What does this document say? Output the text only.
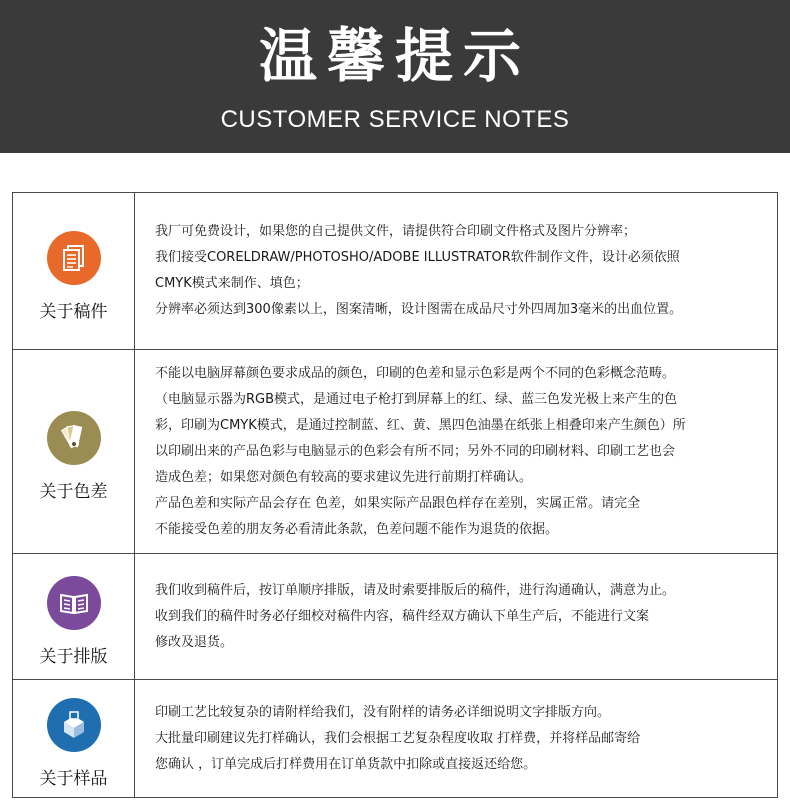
温馨提示
CUSTOMER SERVICE NOTES
关于稿件

我厂可免费设计，如果您的自己提供文件，请提供符合印刷文件格式及图片分辨率；

我们接受CORELDRAW/PHOTOSHO/ADOBE ILLUSTRATOR软件制作文件，设计必须依照

CMYK模式来制作、填色；

分辨率必须达到300像素以上，图案清晰，设计图需在成品尺寸外四周加3毫米的出血位置。

关于色差

不能以电脑屏幕颜色要求成品的颜色，印刷的色差和显示色彩是两个不同的色彩概念范畴。

（电脑显示器为RGB模式，是通过电子枪打到屏幕上的红、绿、蓝三色发光极上来产生的色

彩，印刷为CMYK模式，是通过控制蓝、红、黄、黑四色油墨在纸张上相叠印来产生颜色）所

以印刷出来的产品色彩与电脑显示的色彩会有所不同；另外不同的印刷材料、印刷工艺也会

造成色差；如果您对颜色有较高的要求建议先进行前期打样确认。

产品色差和实际产品会存在 色差，如果实际产品跟色样存在差别，实属正常。请完全

不能接受色差的朋友务必看清此条款，色差问题不能作为退货的依据。

关于排版

我们收到稿件后，按订单顺序排版，请及时索要排版后的稿件，进行沟通确认，满意为止。

收到我们的稿件时务必仔细校对稿件内容，稿件经双方确认下单生产后，不能进行文案

修改及退货。

关于样品

印刷工艺比较复杂的请附样给我们，没有附样的请务必详细说明文字排版方向。

大批量印刷建议先打样确认，我们会根据工艺复杂程度收取 打样费，并将样品邮寄给

您确认 ，订单完成后打样费用在订单货款中扣除或直接返还给您。
